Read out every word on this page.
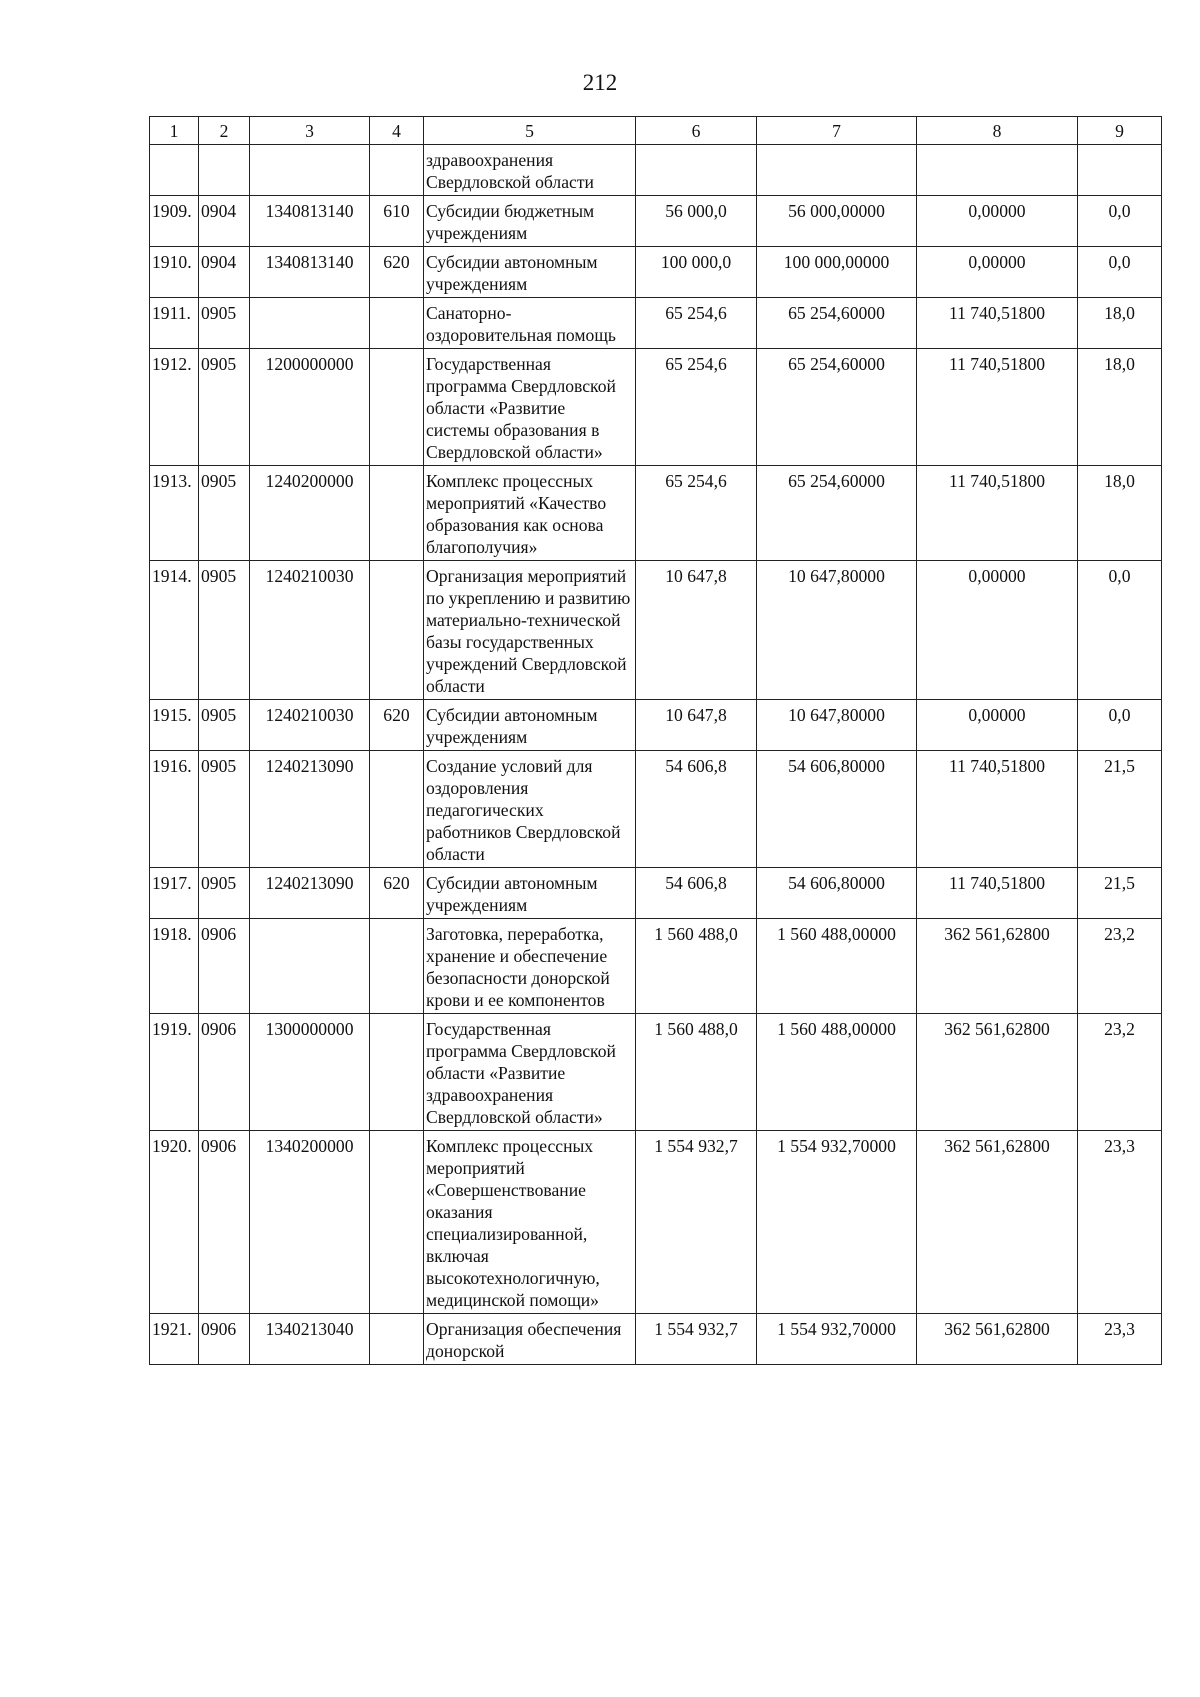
212
1	2	3	4	5	6	7	8	9
				здравоохранения Свердловской области				
1909.	0904	1340813140	610	Субсидии бюджетным учреждениям	56 000,0	56 000,00000	0,00000	0,0
1910.	0904	1340813140	620	Субсидии автономным учреждениям	100 000,0	100 000,00000	0,00000	0,0
1911.	0905			Санаторно-оздоровительная помощь	65 254,6	65 254,60000	11 740,51800	18,0
1912.	0905	1200000000		Государственная программа Свердловской области «Развитие системы образования в Свердловской области»	65 254,6	65 254,60000	11 740,51800	18,0
1913.	0905	1240200000		Комплекс процессных мероприятий «Качество образования как основа благополучия»	65 254,6	65 254,60000	11 740,51800	18,0
1914.	0905	1240210030		Организация мероприятий по укреплению и развитию материально-технической базы государственных учреждений Свердловской области	10 647,8	10 647,80000	0,00000	0,0
1915.	0905	1240210030	620	Субсидии автономным учреждениям	10 647,8	10 647,80000	0,00000	0,0
1916.	0905	1240213090		Создание условий для оздоровления педагогических работников Свердловской области	54 606,8	54 606,80000	11 740,51800	21,5
1917.	0905	1240213090	620	Субсидии автономным учреждениям	54 606,8	54 606,80000	11 740,51800	21,5
1918.	0906			Заготовка, переработка, хранение и обеспечение безопасности донорской крови и ее компонентов	1 560 488,0	1 560 488,00000	362 561,62800	23,2
1919.	0906	1300000000		Государственная программа Свердловской области «Развитие здравоохранения Свердловской области»	1 560 488,0	1 560 488,00000	362 561,62800	23,2
1920.	0906	1340200000		Комплекс процессных мероприятий «Совершенствование оказания специализированной, включая высокотехнологичную, медицинской помощи»	1 554 932,7	1 554 932,70000	362 561,62800	23,3
1921.	0906	1340213040		Организация обеспечения донорской	1 554 932,7	1 554 932,70000	362 561,62800	23,3
